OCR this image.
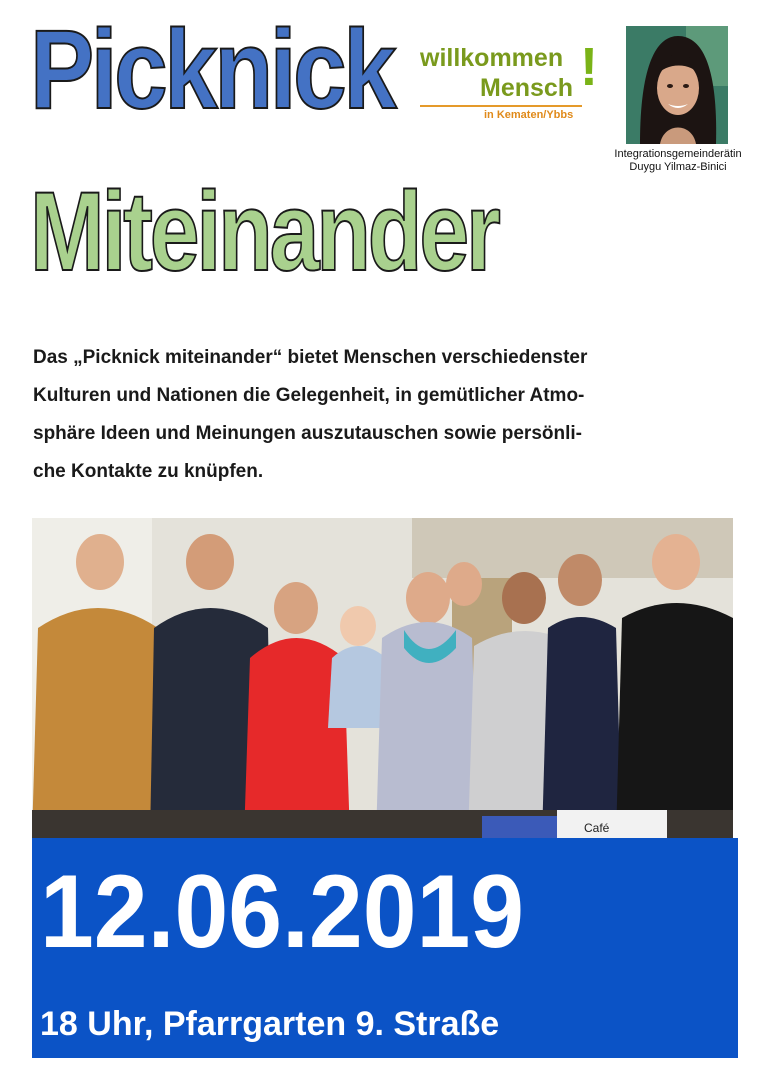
Picknick willkommen
Mensch !
in Kematen/Ybbs
Integrationsgemeinderätin
Duygu Yilmaz-Binici
Miteinander
Das „Picknick miteinander“ bietet Menschen verschiedenster
Kulturen und Nationen die Gelegenheit, in gemütlicher Atmo-
sphäre Ideen und Meinungen auszutauschen sowie persönli-
che Kontakte zu knüpfen.
Café
12.06.2019
18 Uhr, Pfarrgarten 9. Straße
